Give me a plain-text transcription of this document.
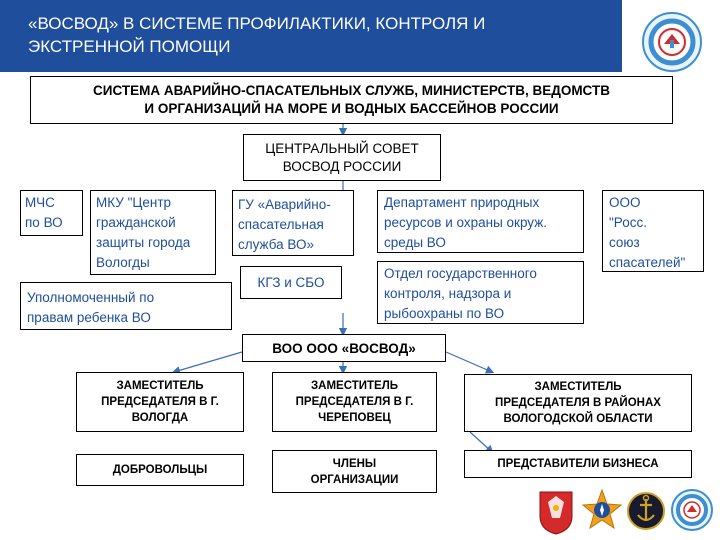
«ВОСВОД» В СИСТЕМЕ ПРОФИЛАКТИКИ, КОНТРОЛЯ И
ЭКСТРЕННОЙ ПОМОЩИ
СИСТЕМА АВАРИЙНО-СПАСАТЕЛЬНЫХ СЛУЖБ, МИНИСТЕРСТВ, ВЕДОМСТВ
И ОРГАНИЗАЦИЙ НА МОРЕ И ВОДНЫХ БАССЕЙНОВ РОССИИ
ЦЕНТРАЛЬНЫЙ СОВЕТ
ВОСВОД РОССИИ
МЧС
по ВО
МКУ "Центр
гражданской
защиты города
Вологды
ГУ «Аварийно-
спасательная
служба ВО»
Департамент природных
ресурсов и охраны окруж.
среды ВО
ООО
"Росс.
союз
спасателей"
Уполномоченный по
правам ребенка ВО
КГЗ и СБО
Отдел государственного
контроля, надзора и
рыбоохраны по ВО
ВОО ООО «ВОСВОД»
ЗАМЕСТИТЕЛЬ
ПРЕДСЕДАТЕЛЯ В Г.
ВОЛОГДА
ЗАМЕСТИТЕЛЬ
ПРЕДСЕДАТЕЛЯ В Г.
ЧЕРЕПОВЕЦ
ЗАМЕСТИТЕЛЬ
ПРЕДСЕДАТЕЛЯ В РАЙОНАХ
ВОЛОГОДСКОЙ ОБЛАСТИ
ДОБРОВОЛЬЦЫ
ЧЛЕНЫ
ОРГАНИЗАЦИИ
ПРЕДСТАВИТЕЛИ БИЗНЕСА
